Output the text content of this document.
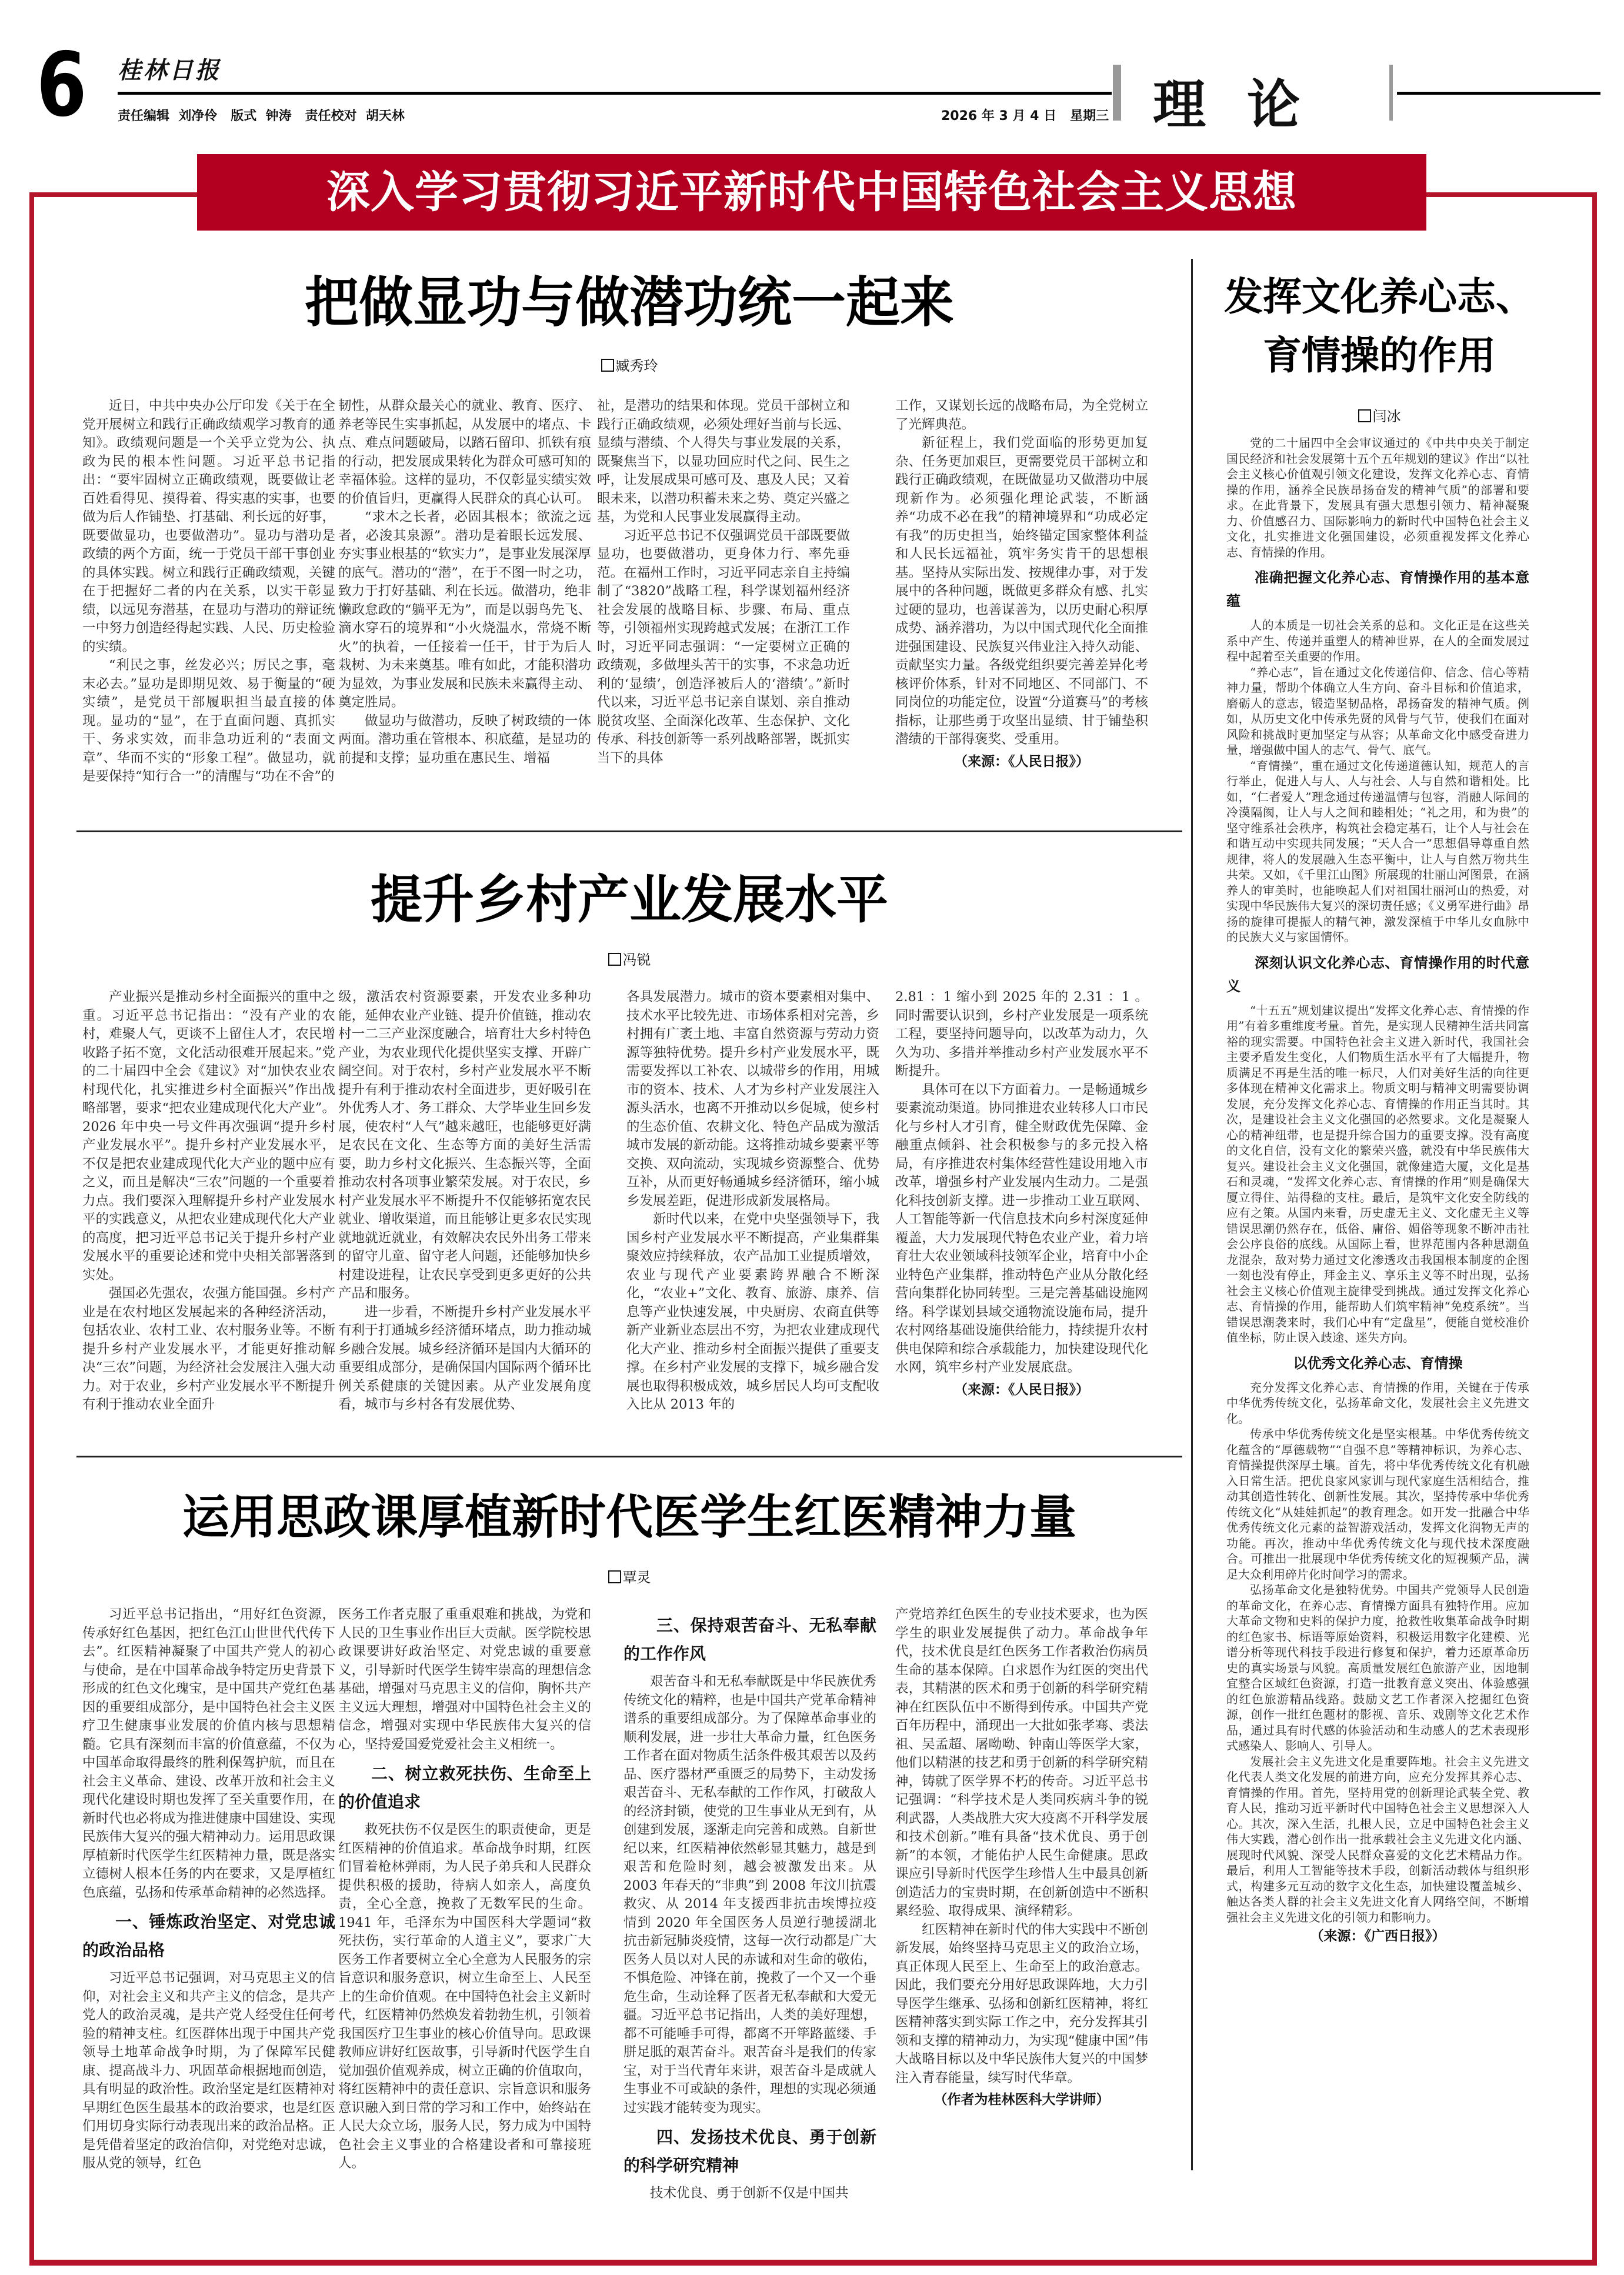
6 桂林日报
责任编辑  刘净伶   版式  钟涛   责任校对  胡天林	2026 年 3 月 4 日   星期三 理论
深入学习贯彻习近平新时代中国特色社会主义思想
把做显功与做潜功统一起来
臧秀玲

近日，中共中央办公厅印发《关于在全党开展树立和践行正确政绩观学习教育的通知》。政绩观问题是一个关乎立党为公、执政为民的根本性问题。习近平总书记指出：“要牢固树立正确政绩观，既要做让老百姓看得见、摸得着、得实惠的实事，也要做为后人作铺垫、打基础、利长远的好事，既要做显功，也要做潜功”。显功与潜功是政绩的两个方面，统一于党员干部干事创业的具体实践。树立和践行正确政绩观，关键在于把握好二者的内在关系，以实干彰显绩，以远见夯潜基，在显功与潜功的辩证统一中努力创造经得起实践、人民、历史检验的实绩。

“利民之事，丝发必兴；厉民之事，毫末必去。”显功是即期见效、易于衡量的“硬实绩”，是党员干部履职担当最直接的体现。显功的“显”，在于直面问题、真抓实干、务求实效，而非急功近利的“表面文章”、华而不实的“形象工程”。做显功，就是要保持“知行合一”的清醒与“功在不舍”的

韧性，从群众最关心的就业、教育、医疗、养老等民生实事抓起，从发展中的堵点、卡点、难点问题破局，以踏石留印、抓铁有痕的行动，把发展成果转化为群众可感可知的幸福体验。这样的显功，不仅彰显实绩实效的价值旨归，更赢得人民群众的真心认可。

“求木之长者，必固其根本；欲流之远者，必浚其泉源”。潜功是着眼长远发展、夯实事业根基的“软实力”，是事业发展深厚的底气。潜功的“潜”，在于不图一时之功，致力于打好基础、利在长远。做潜功，绝非懒政怠政的“躺平无为”，而是以弱鸟先飞、滴水穿石的境界和“小火烧温水，常烧不断火”的执着，一任接着一任干，甘于为后人栽树、为未来奠基。唯有如此，才能积潜功为显效，为事业发展和民族未来赢得主动、奠定胜局。

做显功与做潜功，反映了树政绩的一体两面。潜功重在管根本、积底蕴，是显功的前提和支撑；显功重在惠民生、增福

祉，是潜功的结果和体现。党员干部树立和践行正确政绩观，必须处理好当前与长远、显绩与潜绩、个人得失与事业发展的关系，既聚焦当下，以显功回应时代之问、民生之呼，让发展成果可感可及、惠及人民；又着眼未来，以潜功积蓄未来之势、奠定兴盛之基，为党和人民事业发展赢得主动。

习近平总书记不仅强调党员干部既要做显功，也要做潜功，更身体力行、率先垂范。在福州工作时，习近平同志亲自主持编制了“3820”战略工程，科学谋划福州经济社会发展的战略目标、步骤、布局、重点等，引领福州实现跨越式发展；在浙江工作时，习近平同志强调：“一定要树立正确的政绩观，多做埋头苦干的实事，不求急功近利的‘显绩’，创造泽被后人的‘潜绩’。”新时代以来，习近平总书记亲自谋划、亲自推动脱贫攻坚、全面深化改革、生态保护、文化传承、科技创新等一系列战略部署，既抓实当下的具体

工作，又谋划长远的战略布局，为全党树立了光辉典范。

新征程上，我们党面临的形势更加复杂、任务更加艰巨，更需要党员干部树立和践行正确政绩观，在既做显功又做潜功中展现新作为。必须强化理论武装，不断涵养“功成不必在我”的精神境界和“功成必定有我”的历史担当，始终锚定国家整体利益和人民长远福祉，筑牢务实肯干的思想根基。坚持从实际出发、按规律办事，对于发展中的各种问题，既做更多群众有感、扎实过硬的显功，也善谋善为，以历史耐心积厚成势、涵养潜功，为以中国式现代化全面推进强国建设、民族复兴伟业注入持久动能、贡献坚实力量。各级党组织要完善差异化考核评价体系，针对不同地区、不同部门、不同岗位的功能定位，设置“分道赛马”的考核指标，让那些勇于攻坚出显绩、甘于铺垫积潜绩的干部得褒奖、受重用。

（来源：《人民日报》）
提升乡村产业发展水平
冯锐

产业振兴是推动乡村全面振兴的重中之重。习近平总书记指出：“没有产业的农村，难聚人气，更谈不上留住人才，农民增收路子拓不宽，文化活动很难开展起来。”党的二十届四中全会《建议》对“加快农业农村现代化，扎实推进乡村全面振兴”作出战略部署，要求“把农业建成现代化大产业”。2026 年中央一号文件再次强调“提升乡村产业发展水平”。提升乡村产业发展水平，不仅是把农业建成现代化大产业的题中应有之义，而且是解决“三农”问题的一个重要着力点。我们要深入理解提升乡村产业发展水平的实践意义，从把农业建成现代化大产业的高度，把习近平总书记关于提升乡村产业发展水平的重要论述和党中央相关部署落到实处。

强国必先强农，农强方能国强。乡村产业是在农村地区发展起来的各种经济活动，包括农业、农村工业、农村服务业等。不断提升乡村产业发展水平，才能更好推动解决“三农”问题，为经济社会发展注入强大动力。对于农业，乡村产业发展水平不断提升有利于推动农业全面升

级，激活农村资源要素，开发农业多种功能，延伸农业产业链、提升价值链，推动农村一二三产业深度融合，培育壮大乡村特色产业，为农业现代化提供坚实支撑、开辟广阔空间。对于农村，乡村产业发展水平不断提升有利于推动农村全面进步，更好吸引在外优秀人才、务工群众、大学毕业生回乡发展，使农村“人气”越来越旺，也能够更好满足农民在文化、生态等方面的美好生活需要，助力乡村文化振兴、生态振兴等，全面推动农村各项事业繁荣发展。对于农民，乡村产业发展水平不断提升不仅能够拓宽农民就业、增收渠道，而且能够让更多农民实现就地就近就业，有效解决农民外出务工带来的留守儿童、留守老人问题，还能够加快乡村建设进程，让农民享受到更多更好的公共产品和服务。

进一步看，不断提升乡村产业发展水平有利于打通城乡经济循环堵点，助力推动城乡融合发展。城乡经济循环是国内大循环的重要组成部分，是确保国内国际两个循环比例关系健康的关键因素。从产业发展角度看，城市与乡村各有发展优势、

各具发展潜力。城市的资本要素相对集中、技术水平比较先进、市场体系相对完善，乡村拥有广袤土地、丰富自然资源与劳动力资源等独特优势。提升乡村产业发展水平，既需要发挥以工补农、以城带乡的作用，用城市的资本、技术、人才为乡村产业发展注入源头活水，也离不开推动以乡促城，使乡村的生态价值、农耕文化、特色产品成为激活城市发展的新动能。这将推动城乡要素平等交换、双向流动，实现城乡资源整合、优势互补，从而更好畅通城乡经济循环，缩小城乡发展差距，促进形成新发展格局。

新时代以来，在党中央坚强领导下，我国乡村产业发展水平不断提高，产业集群集聚效应持续释放，农产品加工业提质增效，农业与现代产业要素跨界融合不断深化，“农业+”文化、教育、旅游、康养、信息等产业快速发展，中央厨房、农商直供等新产业新业态层出不穷，为把农业建成现代化大产业、推动乡村全面振兴提供了重要支撑。在乡村产业发展的支撑下，城乡融合发展也取得积极成效，城乡居民人均可支配收入比从 2013 年的

2.81 ：1 缩小到 2025 年的 2.31 ：1 。同时需要认识到，乡村产业发展是一项系统工程，要坚持问题导向，以改革为动力，久久为功、多措并举推动乡村产业发展水平不断提升。

具体可在以下方面着力。一是畅通城乡要素流动渠道。协同推进农业转移人口市民化与乡村人才引育，健全财政优先保障、金融重点倾斜、社会积极参与的多元投入格局，有序推进农村集体经营性建设用地入市改革，增强乡村产业发展内生动力。二是强化科技创新支撑。进一步推动工业互联网、人工智能等新一代信息技术向乡村深度延伸覆盖，大力发展现代特色农业产业，着力培育壮大农业领域科技领军企业，培育中小企业特色产业集群，推动特色产业从分散化经营向集群化协同转型。三是完善基础设施网络。科学谋划县域交通物流设施布局，提升农村网络基础设施供给能力，持续提升农村供电保障和综合承载能力，加快建设现代化水网，筑牢乡村产业发展底盘。

（来源：《人民日报》）
运用思政课厚植新时代医学生红医精神力量
覃灵

习近平总书记指出，“用好红色资源，传承好红色基因，把红色江山世世代代传下去”。红医精神凝聚了中国共产党人的初心与使命，是在中国革命战争特定历史背景下形成的红色文化瑰宝，是中国共产党红色基因的重要组成部分，是中国特色社会主义医疗卫生健康事业发展的价值内核与思想精髓。它具有深刻而丰富的价值意蕴，不仅为中国革命取得最终的胜利保驾护航，而且在社会主义革命、建设、改革开放和社会主义现代化建设时期也发挥了至关重要作用，在新时代也必将成为推进健康中国建设、实现民族伟大复兴的强大精神动力。运用思政课厚植新时代医学生红医精神力量，既是落实立德树人根本任务的内在要求，又是厚植红色底蕴，弘扬和传承革命精神的必然选择。

一、锤炼政治坚定、对党忠诚的政治品格

习近平总书记强调，对马克思主义的信仰，对社会主义和共产主义的信念，是共产党人的政治灵魂，是共产党人经受住任何考验的精神支柱。红医群体出现于中国共产党领导土地革命战争时期，为了保障军民健康、提高战斗力、巩固革命根据地而创造，具有明显的政治性。政治坚定是红医精神对早期红色医生最基本的政治要求，也是红医们用切身实际行动表现出来的政治品格。正是凭借着坚定的政治信仰，对党绝对忠诚，服从党的领导，红色

医务工作者克服了重重艰难和挑战，为党和人民的卫生事业作出巨大贡献。医学院校思政课要讲好政治坚定、对党忠诚的重要意义，引导新时代医学生铸牢崇高的理想信念基础，增强对马克思主义的信仰，胸怀共产主义远大理想，增强对中国特色社会主义的信念，增强对实现中华民族伟大复兴的信心，坚持爱国爱党爱社会主义相统一。

二、树立救死扶伤、生命至上的价值追求

救死扶伤不仅是医生的职责使命，更是红医精神的价值追求。革命战争时期，红医们冒着枪林弹雨，为人民子弟兵和人民群众提供积极的援助，待病人如亲人，高度负责，全心全意，挽救了无数军民的生命。1941 年，毛泽东为中国医科大学题词“救死扶伤，实行革命的人道主义”，要求广大医务工作者要树立全心全意为人民服务的宗旨意识和服务意识，树立生命至上、人民至上的生命价值观。在中国特色社会主义新时代，红医精神仍然焕发着勃勃生机，引领着我国医疗卫生事业的核心价值导向。思政课教师应讲好红医故事，引导新时代医学生自觉加强价值观养成，树立正确的价值取向，将红医精神中的责任意识、宗旨意识和服务意识融入到日常的学习和工作中，始终站在人民大众立场，服务人民，努力成为中国特色社会主义事业的合格建设者和可靠接班人。

三、保持艰苦奋斗、无私奉献的工作作风

艰苦奋斗和无私奉献既是中华民族优秀传统文化的精粹，也是中国共产党革命精神谱系的重要组成部分。为了保障革命事业的顺利发展，进一步壮大革命力量，红色医务工作者在面对物质生活条件极其艰苦以及药品、医疗器材严重匮乏的局势下，主动发扬艰苦奋斗、无私奉献的工作作风，打破敌人的经济封锁，使党的卫生事业从无到有，从创建到发展，逐渐走向完善和成熟。自新世纪以来，红医精神依然彰显其魅力，越是到艰苦和危险时刻，越会被激发出来。从 2003 年春天的“非典”到 2008 年汶川抗震救灾、从 2014 年支援西非抗击埃博拉疫情到 2020 年全国医务人员逆行驰援湖北抗击新冠肺炎疫情，这每一次行动都是广大医务人员以对人民的赤诚和对生命的敬佑，不惧危险、冲锋在前，挽救了一个又一个垂危生命，生动诠释了医者无私奉献和大爱无疆。习近平总书记指出，人类的美好理想，都不可能唾手可得，都离不开筚路蓝缕、手胼足胝的艰苦奋斗。艰苦奋斗是我们的传家宝，对于当代青年来讲，艰苦奋斗是成就人生事业不可或缺的条件，理想的实现必须通过实践才能转变为现实。

四、发扬技术优良、勇于创新的科学研究精神

技术优良、勇于创新不仅是中国共

产党培养红色医生的专业技术要求，也为医学生的职业发展提供了动力。革命战争年代，技术优良是红色医务工作者救治伤病员生命的基本保障。白求恩作为红医的突出代表，其精湛的医术和勇于创新的科学研究精神在红医队伍中不断得到传承。中国共产党百年历程中，涌现出一大批如张孝骞、裘法祖、吴孟超、屠呦呦、钟南山等医学大家，他们以精湛的技艺和勇于创新的科学研究精神，铸就了医学界不朽的传奇。习近平总书记强调：“科学技术是人类同疾病斗争的锐利武器，人类战胜大灾大疫离不开科学发展和技术创新。”唯有具备“技术优良、勇于创新”的本领，才能佑护人民生命健康。思政课应引导新时代医学生珍惜人生中最具创新创造活力的宝贵时期，在创新创造中不断积累经验、取得成果、演绎精彩。

红医精神在新时代的伟大实践中不断创新发展，始终坚持马克思主义的政治立场，真正体现人民至上、生命至上的政治意志。因此，我们要充分用好思政课阵地，大力引导医学生继承、弘扬和创新红医精神，将红医精神落实到实际工作之中，充分发挥其引领和支撑的精神动力，为实现“健康中国”伟大战略目标以及中华民族伟大复兴的中国梦注入青春能量，续写时代华章。

（作者为桂林医科大学讲师）
发挥文化养心志、
育情操的作用
闫冰

党的二十届四中全会审议通过的《中共中央关于制定国民经济和社会发展第十五个五年规划的建议》作出“以社会主义核心价值观引领文化建设，发挥文化养心志、育情操的作用，涵养全民族昂扬奋发的精神气质”的部署和要求。在此背景下，发展具有强大思想引领力、精神凝聚力、价值感召力、国际影响力的新时代中国特色社会主义文化，扎实推进文化强国建设，必须重视发挥文化养心志、育情操的作用。

准确把握文化养心志、育情操作用的基本意蕴

人的本质是一切社会关系的总和。文化正是在这些关系中产生、传递并重塑人的精神世界，在人的全面发展过程中起着至关重要的作用。

“养心志”，旨在通过文化传递信仰、信念、信心等精神力量，帮助个体确立人生方向、奋斗目标和价值追求，磨砺人的意志，锻造坚韧品格，昂扬奋发的精神气质。例如，从历史文化中传承先贤的风骨与气节，使我们在面对风险和挑战时更加坚定与从容；从革命文化中感受奋进力量，增强做中国人的志气、骨气、底气。

“育情操”，重在通过文化传递道德认知，规范人的言行举止，促进人与人、人与社会、人与自然和谐相处。比如，“仁者爱人”理念通过传递温情与包容，消融人际间的冷漠隔阂，让人与人之间和睦相处；“礼之用，和为贵”的坚守维系社会秩序，构筑社会稳定基石，让个人与社会在和谐互动中实现共同发展；“天人合一”思想倡导尊重自然规律，将人的发展融入生态平衡中，让人与自然万物共生共荣。又如，《千里江山图》所展现的壮丽山河图景，在涵养人的审美时，也能唤起人们对祖国壮丽河山的热爱，对实现中华民族伟大复兴的深切责任感；《义勇军进行曲》昂扬的旋律可提振人的精气神，激发深植于中华儿女血脉中的民族大义与家国情怀。

深刻认识文化养心志、育情操作用的时代意义

“十五五”规划建议提出“发挥文化养心志、育情操的作用”有着多重维度考量。首先，是实现人民精神生活共同富裕的现实需要。中国特色社会主义进入新时代，我国社会主要矛盾发生变化，人们物质生活水平有了大幅提升，物质满足不再是生活的唯一标尺，人们对美好生活的向往更多体现在精神文化需求上。物质文明与精神文明需要协调发展，充分发挥文化养心志、育情操的作用正当其时。其次，是建设社会主义文化强国的必然要求。文化是凝聚人心的精神纽带，也是提升综合国力的重要支撑。没有高度的文化自信，没有文化的繁荣兴盛，就没有中华民族伟大复兴。建设社会主义文化强国，就像建造大厦，文化是基石和灵魂，“发挥文化养心志、育情操的作用”则是确保大厦立得住、站得稳的支柱。最后，是筑牢文化安全防线的应有之策。从国内来看，历史虚无主义、文化虚无主义等错误思潮仍然存在，低俗、庸俗、媚俗等现象不断冲击社会公序良俗的底线。从国际上看，世界范围内各种思潮鱼龙混杂，敌对势力通过文化渗透攻击我国根本制度的企图一刻也没有停止，拜金主义、享乐主义等不时出现，弘扬社会主义核心价值观主旋律受到挑战。通过发挥文化养心志、育情操的作用，能帮助人们筑牢精神“免疫系统”。当错误思潮袭来时，我们心中有“定盘星”，便能自觉校准价值坐标，防止误入歧途、迷失方向。

以优秀文化养心志、育情操

充分发挥文化养心志、育情操的作用，关键在于传承中华优秀传统文化，弘扬革命文化，发展社会主义先进文化。

传承中华优秀传统文化是坚实根基。中华优秀传统文化蕴含的“厚德载物”“自强不息”等精神标识，为养心志、育情操提供深厚土壤。首先，将中华优秀传统文化有机融入日常生活。把优良家风家训与现代家庭生活相结合，推动其创造性转化、创新性发展。其次，坚持传承中华优秀传统文化“从娃娃抓起”的教育理念。如开发一批融合中华优秀传统文化元素的益智游戏活动，发挥文化润物无声的功能。再次，推动中华优秀传统文化与现代技术深度融合。可推出一批展现中华优秀传统文化的短视频产品，满足大众利用碎片化时间学习的需求。

弘扬革命文化是独特优势。中国共产党领导人民创造的革命文化，在养心志、育情操方面具有独特作用。应加大革命文物和史料的保护力度，抢救性收集革命战争时期的红色家书、标语等原始资料，积极运用数字化建模、光谱分析等现代科技手段进行修复和保护，着力还原革命历史的真实场景与风貌。高质量发展红色旅游产业，因地制宜整合区域红色资源，打造一批教育意义突出、体验感强的红色旅游精品线路。鼓励文艺工作者深入挖掘红色资源，创作一批红色题材的影视、音乐、戏剧等文化艺术作品，通过具有时代感的体验活动和生动感人的艺术表现形式感染人、影响人、引导人。

发展社会主义先进文化是重要阵地。社会主义先进文化代表人类文化发展的前进方向，应充分发挥其养心志、育情操的作用。首先，坚持用党的创新理论武装全党、教育人民，推动习近平新时代中国特色社会主义思想深入人心。其次，深入生活，扎根人民，立足中国特色社会主义伟大实践，潜心创作出一批承载社会主义先进文化内涵、展现时代风貌、深受人民群众喜爱的文化艺术精品力作。最后，利用人工智能等技术手段，创新活动载体与组织形式，构建多元互动的数字文化生态，加快建设覆盖城乡、触达各类人群的社会主义先进文化育人网络空间，不断增强社会主义先进文化的引领力和影响力。

（来源：《广西日报》）
